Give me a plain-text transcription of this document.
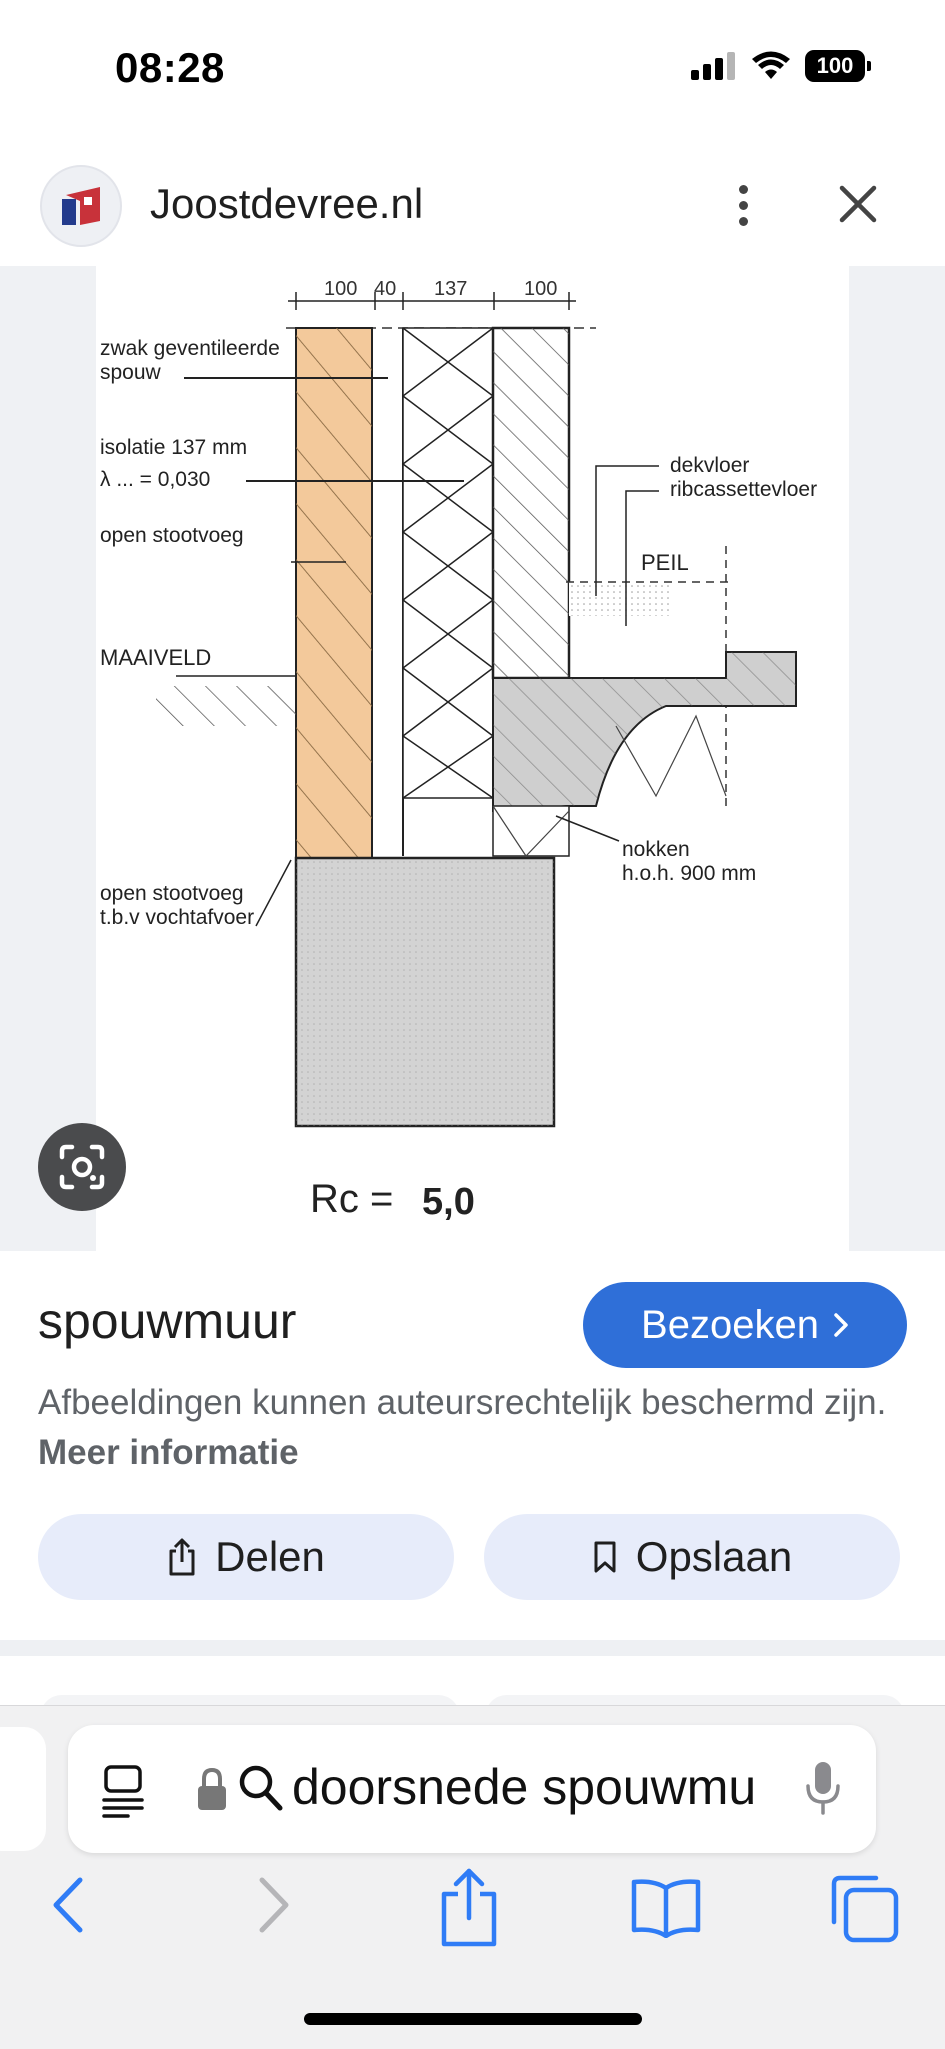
08:28	100
Joostdevree.nl
100 40 137	100
zwak geventileerde
spouw
isolatie 137 mm
λ ... = 0,030
open stootvoeg
MAAIVELD
open stootvoeg
t.b.v vochtafvoer
dekvloer
ribcassettevloer
PEIL
nokken
h.o.h. 900 mm
Rc = 5,0
spouwmuur	Bezoeken
Afbeeldingen kunnen auteursrechtelijk beschermd zijn. Meer informatie
Delen	Opslaan
doorsnede spouwmu
